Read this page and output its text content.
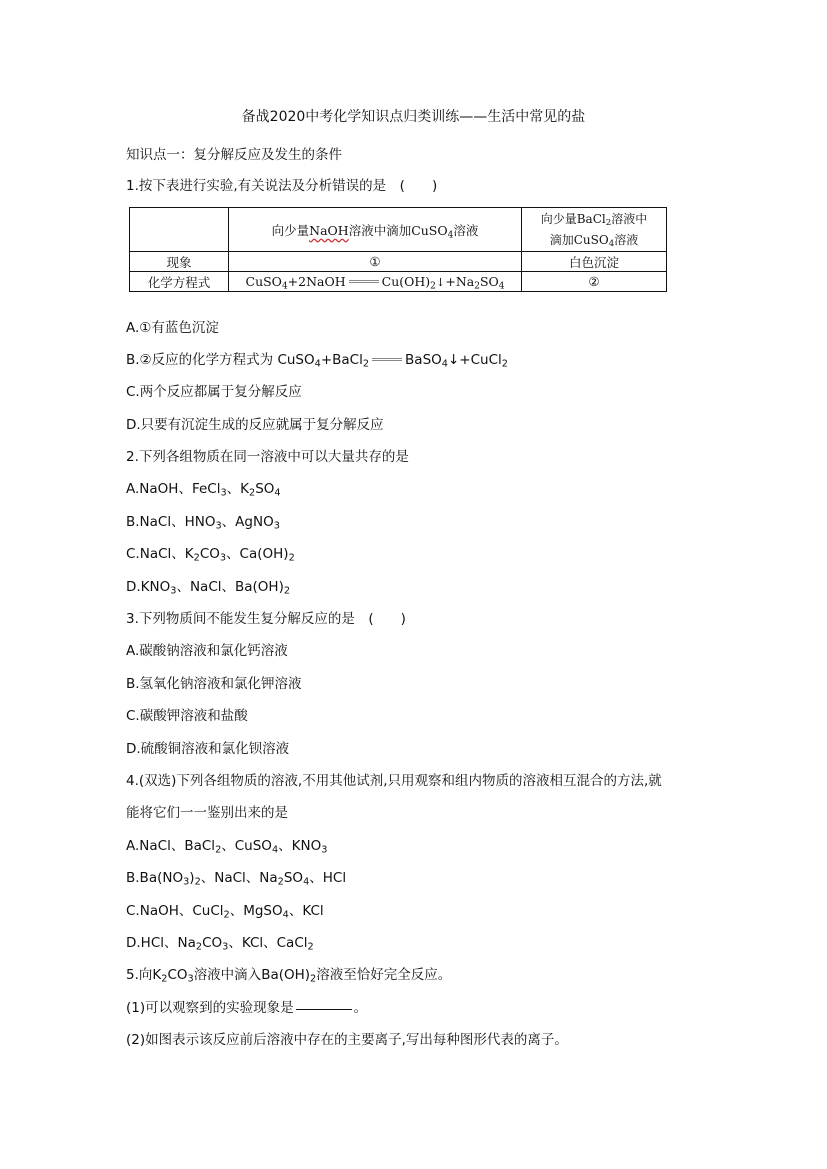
备战2020中考化学知识点归类训练——生活中常见的盐
知识点一：复分解反应及发生的条件
1.按下表进行实验,有关说法及分析错误的是　(　　)
	向少量NaOH溶液中滴加CuSO$_4$溶液	向少量BaCl$_2$溶液中
滴加CuSO$_4$溶液
现象	①	白色沉淀
化学方程式	CuSO$_4$+2NaOH $Cu(OH)_2↓+Na_2SO_4$	②
A.①有蓝色沉淀
B.②反应的化学方程式为 CuSO$_4$+BaCl$_2$	BaSO$_4$↓+CuCl$_2$
C.两个反应都属于复分解反应
D.只要有沉淀生成的反应就属于复分解反应
2.下列各组物质在同一溶液中可以大量共存的是
A.NaOH、FeCl$_3$、$K_2SO_4$
B.NaCl、$HNO_3$、AgNO$_3$
C.NaCl、$K_2CO_3$、$Ca(OH)_2$
$D.KNO_3$、NaCl、$Ba(OH)_2$
3.下列物质间不能发生复分解反应的是　(　　)
A.碳酸钠溶液和氯化钙溶液
B.氢氧化钠溶液和氯化钾溶液
C.碳酸钾溶液和盐酸
D.硫酸铜溶液和氯化钡溶液
4.(双选)下列各组物质的溶液,不用其他试剂,只用观察和组内物质的溶液相互混合的方法,就
能将它们一一鉴别出来的是
A.NaCl、BaCl$_2$、CuSO$_4$、$KNO_3$
$B.Ba(NO_3)_2$、NaCl、$Na_2SO_4$、HCl
C.NaOH、CuCl$_2$、MgSO$_4$、KCl
D.HCl、$Na_2CO_3$、KCl、CaCl$_2$
5.向$K_2CO_3$溶液中滴入$Ba(OH)_2$溶液至恰好完全反应。
(1)可以观察到的实验现象是	。
(2)如图表示该反应前后溶液中存在的主要离子,写出每种图形代表的离子。
